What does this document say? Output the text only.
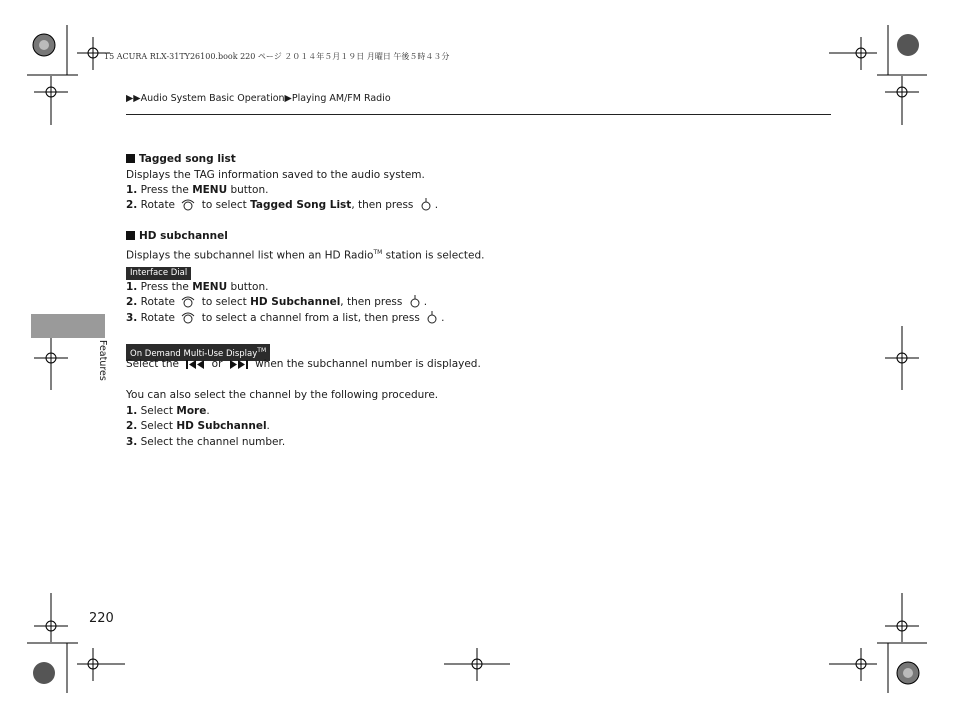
15 ACURA RLX-31TY26100.book 220 ページ ２０１４年５月１９日 月曜日 午後５時４３分
▶▶Audio System Basic Operation▶Playing AM/FM Radio
Tagged song list
Displays the TAG information saved to the audio system.
1. Press the MENU button.
2. Rotate  to select Tagged Song List, then press .
HD subchannel
Displays the subchannel list when an HD Radio™ station is selected.
Interface Dial
1. Press the MENU button.
2. Rotate  to select HD Subchannel, then press .
3. Rotate  to select a channel from a list, then press .
On Demand Multi-Use Display™
Select the  or  when the subchannel number is displayed.
You can also select the channel by the following procedure.
1. Select More.
2. Select HD Subchannel.
3. Select the channel number.
Features
220
